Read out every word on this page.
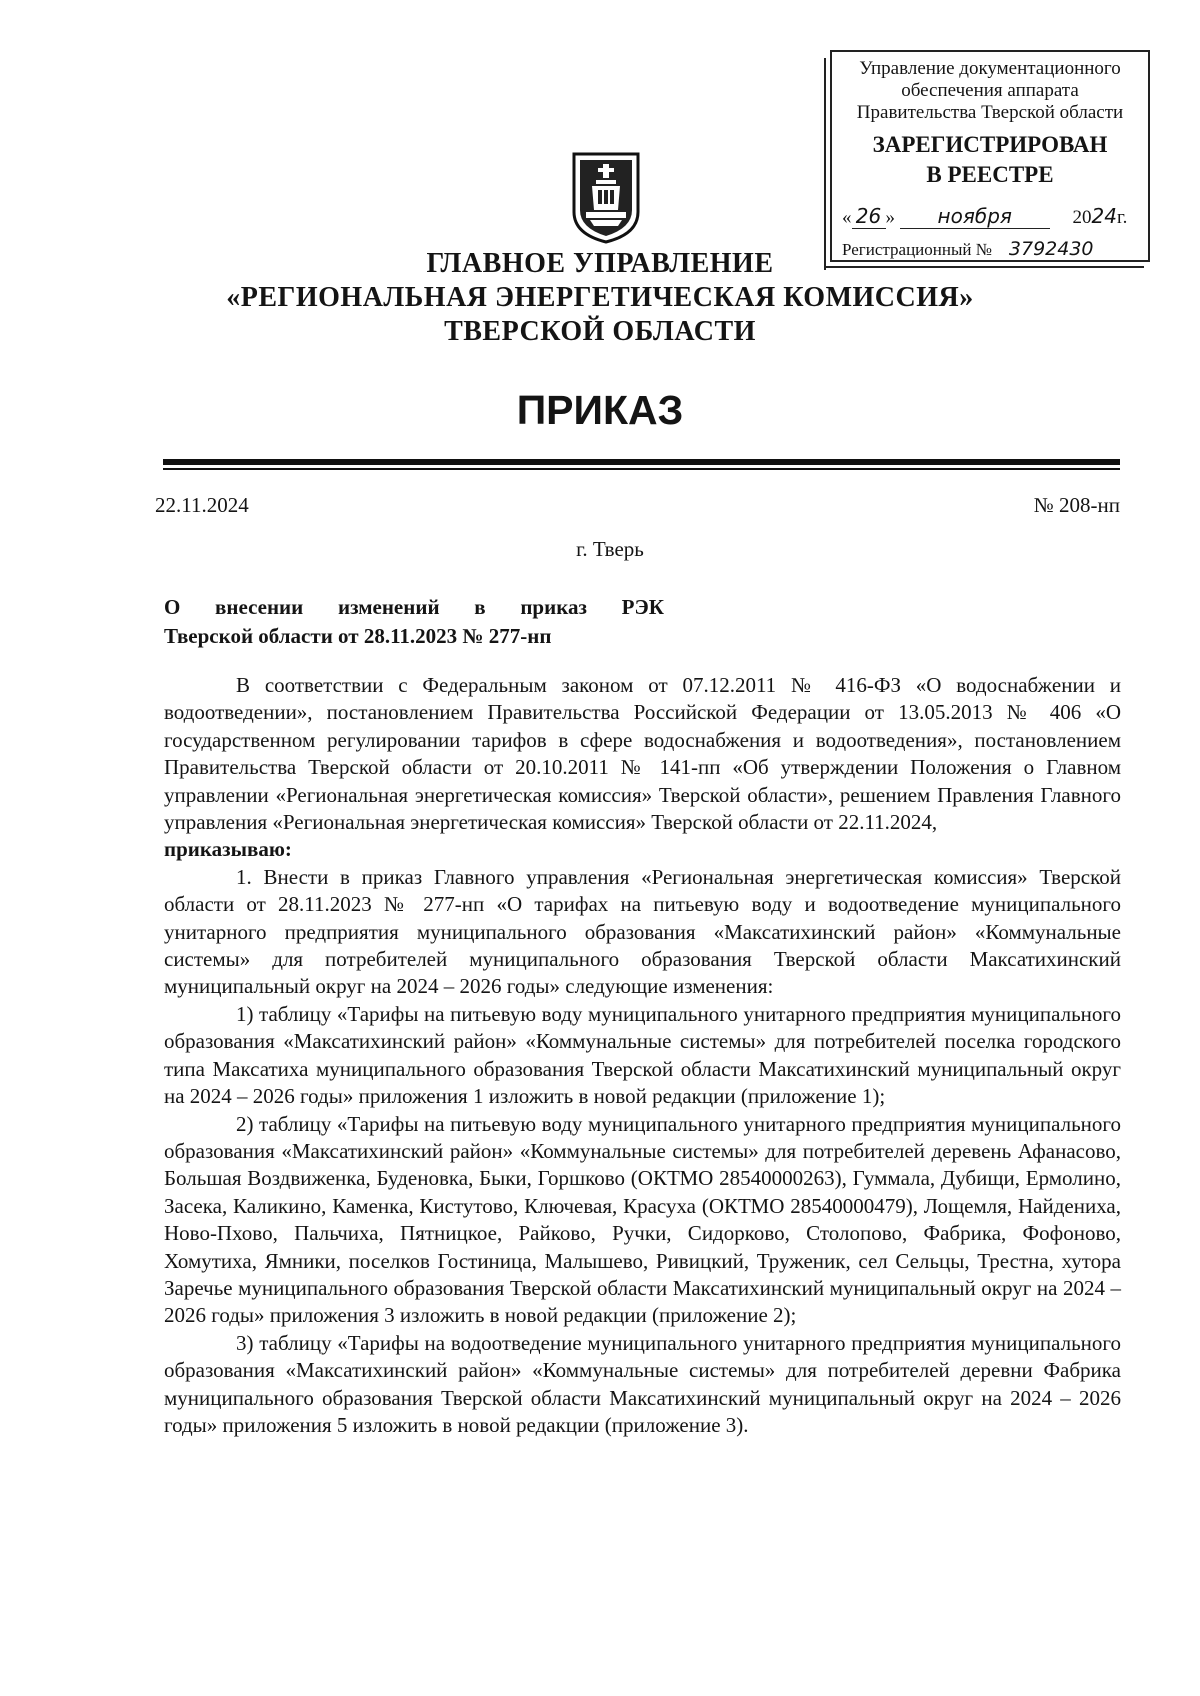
Управление документационного
обеспечения аппарата
Правительства Тверской области
ЗАРЕГИСТРИРОВАН
В РЕЕСТРЕ
« 26 » ноября	2024г.
Регистрационный № 3792430
ГЛАВНОЕ УПРАВЛЕНИЕ
«РЕГИОНАЛЬНАЯ ЭНЕРГЕТИЧЕСКАЯ КОМИССИЯ»
ТВЕРСКОЙ ОБЛАСТИ
ПРИКАЗ
22.11.2024	№ 208-нп
г. Тверь
О внесении изменений в приказ РЭК
Тверской области от 28.11.2023 № 277-нп

В соответствии с Федеральным законом от 07.12.2011 № 416-ФЗ «О водоснабжении и водоотведении», постановлением Правительства Российской Федерации от 13.05.2013 № 406 «О государственном регулировании тарифов в сфере водоснабжения и водоотведения», постановлением Правительства Тверской области от 20.10.2011 № 141-пп «Об утверждении Положения о Главном управлении «Региональная энергетическая комиссия» Тверской области», решением Правления Главного управления «Региональная энергетическая комиссия» Тверской области от 22.11.2024,

приказываю:

1. Внести в приказ Главного управления «Региональная энергетическая комиссия» Тверской области от 28.11.2023 № 277-нп «О тарифах на питьевую воду и водоотведение муниципального унитарного предприятия муниципального образования «Максатихинский район» «Коммунальные системы» для потребителей муниципального образования Тверской области Максатихинский муниципальный округ на 2024 – 2026 годы» следующие изменения:

1) таблицу «Тарифы на питьевую воду муниципального унитарного предприятия муниципального образования «Максатихинский район» «Коммунальные системы» для потребителей поселка городского типа Максатиха муниципального образования Тверской области Максатихинский муниципальный округ на 2024 – 2026 годы» приложения 1 изложить в новой редакции (приложение 1);

2) таблицу «Тарифы на питьевую воду муниципального унитарного предприятия муниципального образования «Максатихинский район» «Коммунальные системы» для потребителей деревень Афанасово, Большая Воздвиженка, Буденовка, Быки, Горшково (ОКТМО 28540000263), Гуммала, Дубищи, Ермолино, Засека, Каликино, Каменка, Кистутово, Ключевая, Красуха (ОКТМО 28540000479), Лощемля, Найдениха, Ново-Пхово, Пальчиха, Пятницкое, Райково, Ручки, Сидорково, Столопово, Фабрика, Фофоново, Хомутиха, Ямники, поселков Гостиница, Малышево, Ривицкий, Труженик, сел Сельцы, Трестна, хутора Заречье муниципального образования Тверской области Максатихинский муниципальный округ на 2024 – 2026 годы» приложения 3 изложить в новой редакции (приложение 2);

3) таблицу «Тарифы на водоотведение муниципального унитарного предприятия муниципального образования «Максатихинский район» «Коммунальные системы» для потребителей деревни Фабрика муниципального образования Тверской области Максатихинский муниципальный округ на 2024 – 2026 годы» приложения 5 изложить в новой редакции (приложение 3).
